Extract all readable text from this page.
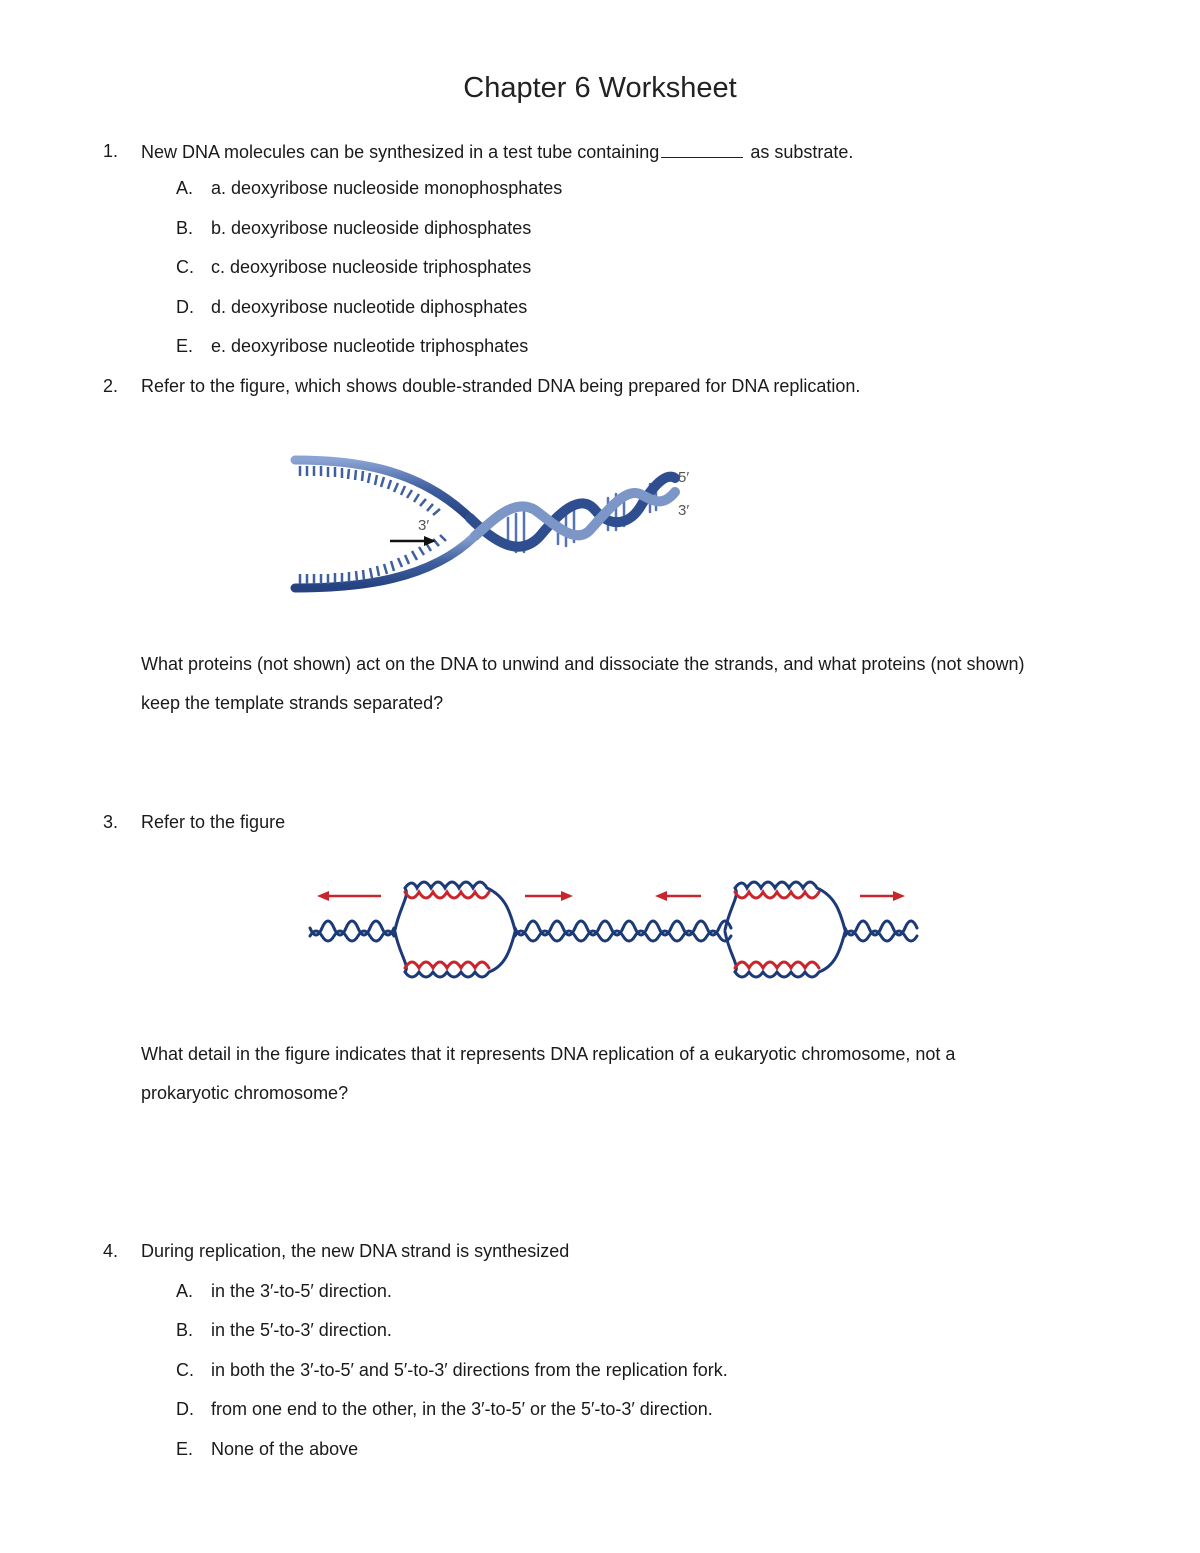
Chapter 6 Worksheet
1.	New DNA molecules can be synthesized in a test tube containing	as substrate.
A. a. deoxyribose nucleoside monophosphates
B. b. deoxyribose nucleoside diphosphates
C. c. deoxyribose nucleoside triphosphates
D. d. deoxyribose nucleotide diphosphates
E. e. deoxyribose nucleotide triphosphates
2.	Refer to the figure, which shows double-stranded DNA being prepared for DNA replication.
5′
3′
3′
What proteins (not shown) act on the DNA to unwind and dissociate the strands, and what proteins (not shown)
keep the template strands separated?
3.	Refer to the figure
What detail in the figure indicates that it represents DNA replication of a eukaryotic chromosome, not a
prokaryotic chromosome?
4.	During replication, the new DNA strand is synthesized
A. in the 3′-to-5′ direction.
B. in the 5′-to-3′ direction.
C. in both the 3′-to-5′ and 5′-to-3′ directions from the replication fork.
D. from one end to the other, in the 3′-to-5′ or the 5′-to-3′ direction.
E. None of the above
